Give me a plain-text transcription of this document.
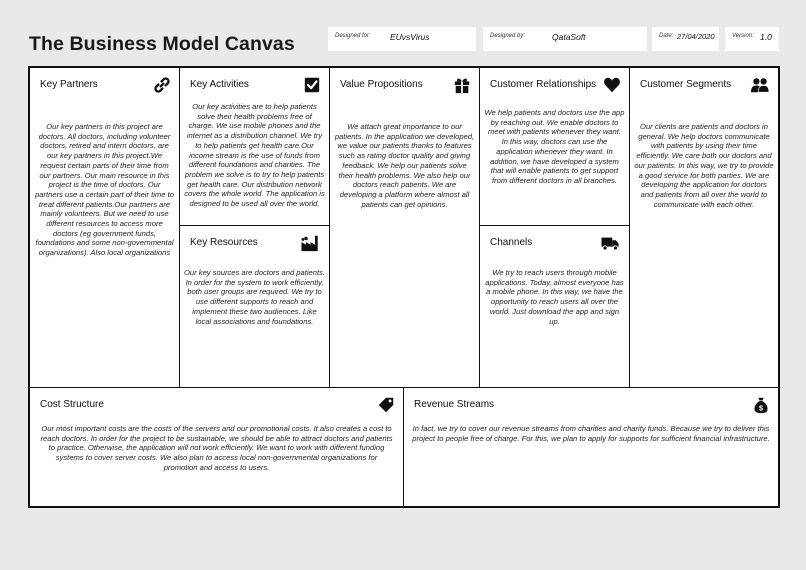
The Business Model Canvas	Designed for: EUvsVirus	Designed by:	QataSoft	Date: 27/04/2020	Version: 1.0
Key Partners
Our key partners in this project are doctors. All doctors, including volunteer doctors, retired and intern doctors, are our key partners in this project.We request certain parts of their time from our partners. Our main resource in this project is the time of doctors. Our partners use a certain part of their time to treat different patients.Our partners are mainly volunteers. But we need to use different resources to access more doctors (eg government funds, foundations and some non-governmental organizations). Also local organizations
Key Activities
Our key activities are to help patients solve their health problems free of charge. We use mobile phones and the internet as a distribution channel. We try to help patients get health care.Our income stream is the use of funds from different foundations and charities. The problem we solve is to try to help patients get health care. Our distribution network covers the whole world. The application is designed to be used all over the world.
Key Resources
Our key sources are doctors and patients. In order for the system to work efficiently, both user groups are required. We try to use different supports to reach and implement these two audiences. Like local associations and foundations.
Value Propositions
We attach great importance to our patients. In the application we developed, we value our patients thanks to features such as rating doctor quality and giving feedback. We help our patients solve their health problems. We also help our doctors reach patients. We are developing a platform where almost all patients can get opinions.
Customer Relationships
We help patients and doctors use the app by reaching out. We enable doctors to meet with patients whenever they want. In this way, doctors can use the application whenever they want. In addition, we have developed a system that will enable patients to get support from different doctors in all branches.
Channels
We try to reach users through mobile applications. Today, almost everyone has a mobile phone. In this way, we have the opportunity to reach users all over the world. Just download the app and sign up.
Customer Segments
Our clients are patients and doctors in general. We help doctors communicate with patients by using their time efficiently. We care both our doctors and our patients. In this way, we try to provide a good service for both parties. We are developing the application for doctors and patients from all over the world to communicate with each other.
Cost Structure
Our most important costs are the costs of the servers and our promotional costs. It also creates a cost to reach doctors. In order for the project to be sustainable, we should be able to attract doctors and patients to practice. Otherwise, the application will not work efficiently. We want to work with different funding systems to cover server costs. We also plan to access local non-governmental organizations for promotion and access to users.
Revenue Streams	$
In fact, we try to cover our revenue streams from charities and charity funds. Because we try to deliver this project to people free of charge. For this, we plan to apply for supports for sufficient financial infrastructure.
